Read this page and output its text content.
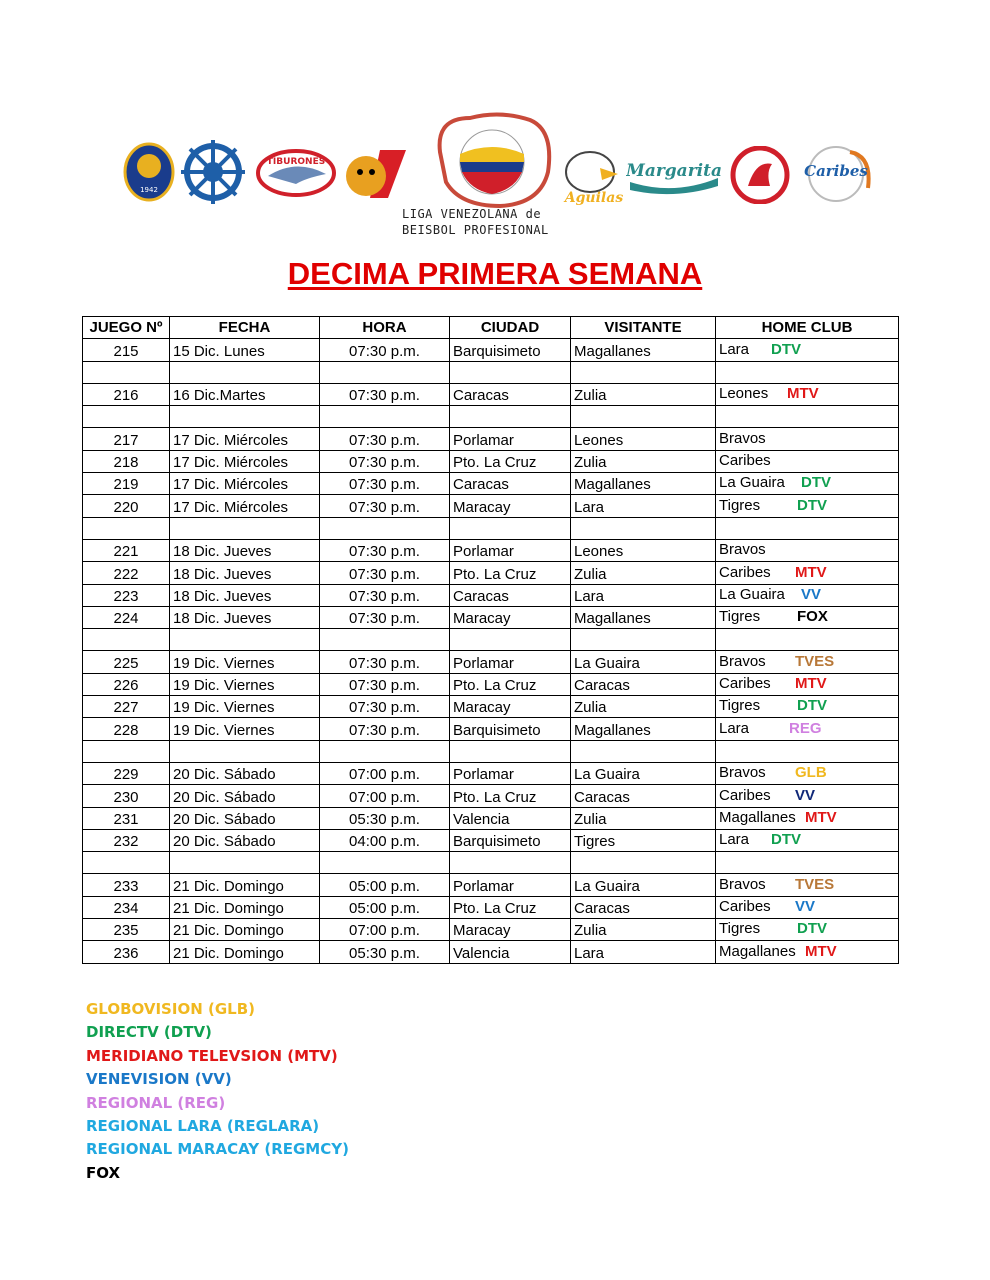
1942
TIBURONES
Aguilas
Margarita	Caribes
LIGA VENEZOLANA de
BEISBOL PROFESIONAL
DECIMA PRIMERA SEMANA
JUEGO Nº	FECHA	HORA	CIUDAD	VISITANTE	HOME CLUB
215	15 Dic. Lunes	07:30 p.m.	Barquisimeto	Magallanes	Lara DTV

216	16 Dic.Martes	07:30 p.m.	Caracas	Zulia	Leones MTV

217	17 Dic. Miércoles	07:30 p.m.	Porlamar	Leones	Bravos
218	17 Dic. Miércoles	07:30 p.m.	Pto. La Cruz	Zulia	Caribes
219	17 Dic. Miércoles	07:30 p.m.	Caracas	Magallanes	La Guaira DTV
220	17 Dic. Miércoles	07:30 p.m.	Maracay	Lara	Tigres DTV

221	18 Dic. Jueves	07:30 p.m.	Porlamar	Leones	Bravos
222	18 Dic. Jueves	07:30 p.m.	Pto. La Cruz	Zulia	Caribes MTV
223	18 Dic. Jueves	07:30 p.m.	Caracas	Lara	La Guaira VV
224	18 Dic. Jueves	07:30 p.m.	Maracay	Magallanes	Tigres FOX

225	19 Dic. Viernes	07:30 p.m.	Porlamar	La Guaira	Bravos TVES
226	19 Dic. Viernes	07:30 p.m.	Pto. La Cruz	Caracas	Caribes MTV
227	19 Dic. Viernes	07:30 p.m.	Maracay	Zulia	Tigres DTV
228	19 Dic. Viernes	07:30 p.m.	Barquisimeto	Magallanes	Lara REG

229	20 Dic. Sábado	07:00 p.m.	Porlamar	La Guaira	Bravos GLB
230	20 Dic. Sábado	07:00 p.m.	Pto. La Cruz	Caracas	Caribes VV
231	20 Dic. Sábado	05:30 p.m.	Valencia	Zulia	Magallanes MTV
232	20 Dic. Sábado	04:00 p.m.	Barquisimeto	Tigres	Lara DTV

233	21 Dic. Domingo	05:00 p.m.	Porlamar	La Guaira	Bravos TVES
234	21 Dic. Domingo	05:00 p.m.	Pto. La Cruz	Caracas	Caribes VV
235	21 Dic. Domingo	07:00 p.m.	Maracay	Zulia	Tigres DTV
236	21 Dic. Domingo	05:30 p.m.	Valencia	Lara	Magallanes MTV
GLOBOVISION (GLB)
DIRECTV (DTV)
MERIDIANO TELEVSION (MTV)
VENEVISION (VV)
REGIONAL (REG)
REGIONAL LARA (REGLARA)
REGIONAL MARACAY (REGMCY)
FOX
